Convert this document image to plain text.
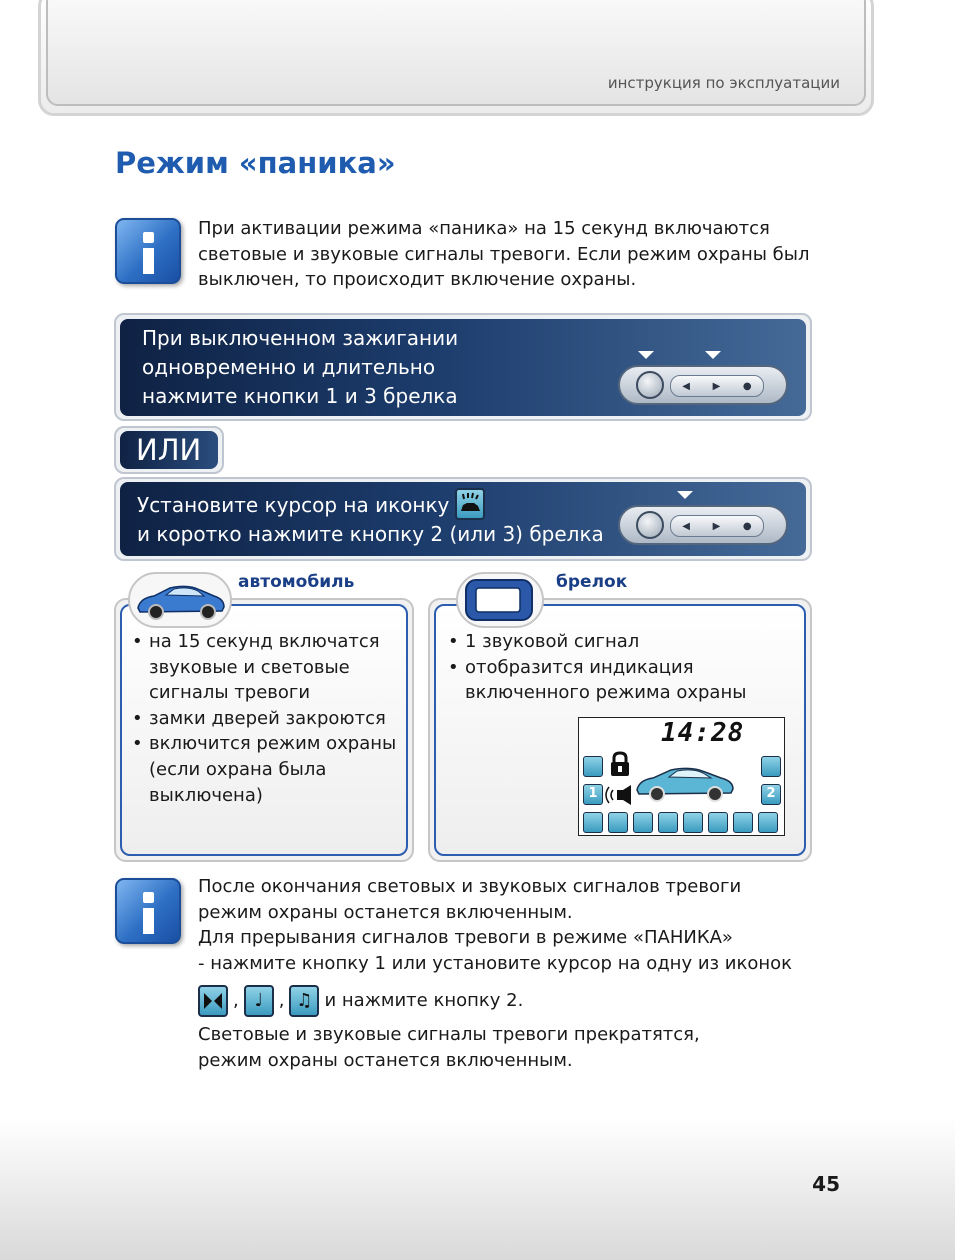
инструкция по эксплуатации
Режим «паника»
При активации режима «паника» на 15 секунд включаются
световые и звуковые сигналы тревоги. Если режим охраны был
выключен, то происходит включение охраны.
При выключенном зажигании
одновременно и длительно
нажмите кнопки 1 и 3 брелка	◀ ▶ ●
ИЛИ
Установите курсор на иконку
и коротко нажмите кнопку 2 (или 3) брелка	◀ ▶ ●
автомобиль
• на 15 секунд включатся
звуковые и световые
сигналы тревоги
• замки дверей закроются
• включится режим охраны
(если охрана была
выключена)
брелок
• 1 звуковой сигнал
• отобразится индикация
включенного режима охраны
14:28
1	2
После окончания световых и звуковых сигналов тревоги
режим охраны останется включенным.
Для прерывания сигналов тревоги в режиме «ПАНИКА»
- нажмите кнопку 1 или установите курсор на одну из иконок
, ♩ , ♫ и нажмите кнопку 2.
Световые и звуковые сигналы тревоги прекратятся,
режим охраны останется включенным.
45
